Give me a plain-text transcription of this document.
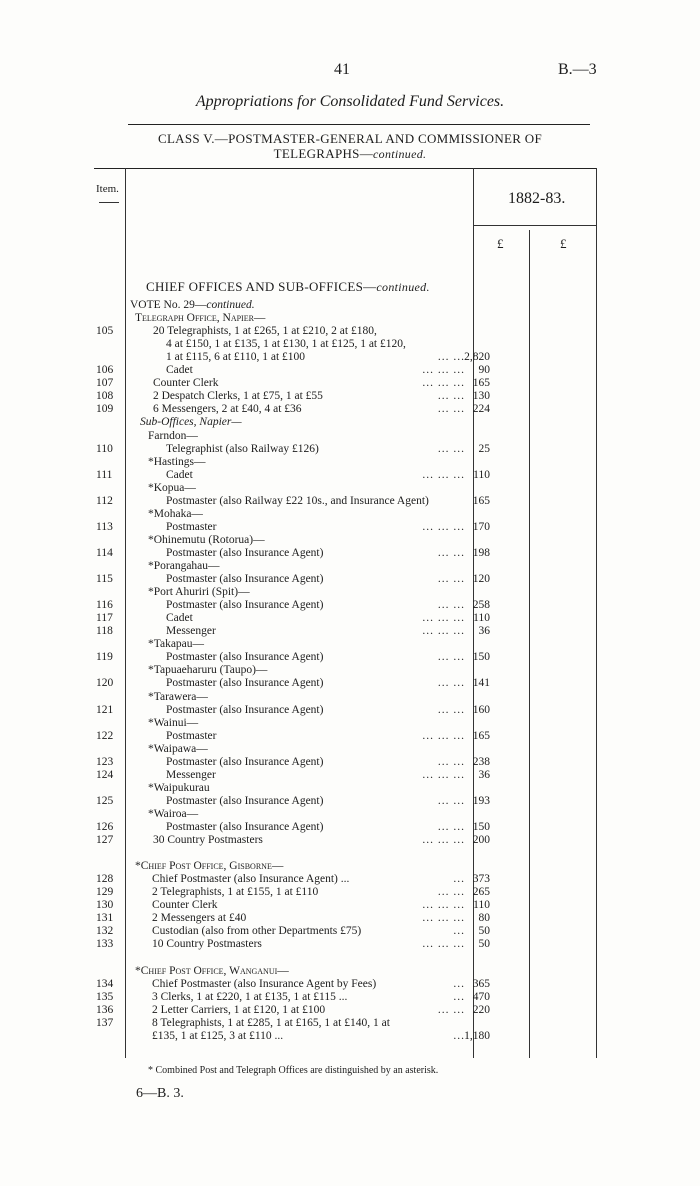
41	B.—3
Appropriations for Consolidated Fund Services.
CLASS V.—POSTMASTER-GENERAL AND COMMISSIONER OF
TELEGRAPHS—continued.
Item.
1882-83.
£	£
CHIEF OFFICES AND SUB-OFFICES—continued.
VOTE No. 29—continued.
Telegraph Office, Napier—
105	20 Telegraphists, 1 at £265, 1 at £210, 2 at £180,
4 at £150, 1 at £135, 1 at £130, 1 at £125, 1 at £120,
1 at £115, 6 at £110, 1 at £100	... ... 2,820
106	Cadet	... ... ... 90
107	Counter Clerk	... ... ... 165
108	2 Despatch Clerks, 1 at £75, 1 at £55	... ... 130
109	6 Messengers, 2 at £40, 4 at £36	... ... 224
Sub-Offices, Napier—
Farndon—
110	Telegraphist (also Railway £126)	... ... 25
*Hastings—
111	Cadet	... ... ... 110
*Kopua—
112	Postmaster (also Railway £22 10s., and Insurance Agent)	165
*Mohaka—
113	Postmaster	... ... ... 170
*Ohinemutu (Rotorua)—
114	Postmaster (also Insurance Agent)	... ... 198
*Porangahau—
115	Postmaster (also Insurance Agent)	... ... 120
*Port Ahuriri (Spit)—
116	Postmaster (also Insurance Agent)	... ... 258
117	Cadet	... ... ... 110
118	Messenger	... ... ... 36
*Takapau—
119	Postmaster (also Insurance Agent)	... ... 150
*Tapuaeharuru (Taupo)—
120	Postmaster (also Insurance Agent)	... ... 141
*Tarawera—
121	Postmaster (also Insurance Agent)	... ... 160
*Wainui—
122	Postmaster	... ... ... 165
*Waipawa—
123	Postmaster (also Insurance Agent)	... ... 238
124	Messenger	... ... ... 36
*Waipukurau
125	Postmaster (also Insurance Agent)	... ... 193
*Wairoa—
126	Postmaster (also Insurance Agent)	... ... 150
127	30 Country Postmasters	... ... ... 200
*Chief Post Office, Gisborne—
128	Chief Postmaster (also Insurance Agent) ...	... 373
129	2 Telegraphists, 1 at £155, 1 at £110	... ... 265
130	Counter Clerk	... ... ... 110
131	2 Messengers at £40	... ... ... 80
132	Custodian (also from other Departments £75)	... 50
133	10 Country Postmasters	... ... ... 50
*Chief Post Office, Wanganui—
134	Chief Postmaster (also Insurance Agent by Fees)	... 365
135	3 Clerks, 1 at £220, 1 at £135, 1 at £115 ...	... 470
136	2 Letter Carriers, 1 at £120, 1 at £100	... ... 220
137	8 Telegraphists, 1 at £285, 1 at £165, 1 at £140, 1 at
£135, 1 at £125, 3 at £110 ...	... 1,180
* Combined Post and Telegraph Offices are distinguished by an asterisk.
6—B. 3.
